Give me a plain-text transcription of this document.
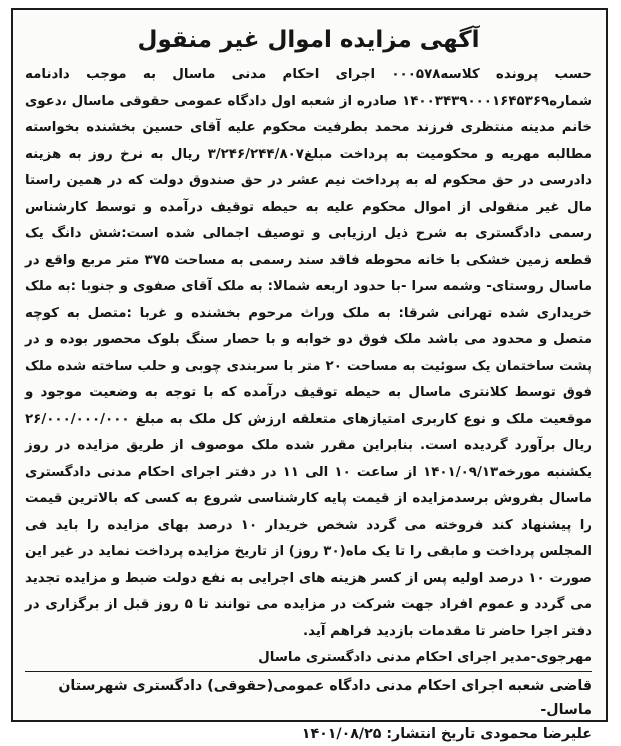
آگهی مزایده اموال غیر منقول

حسب پرونده کلاسه۰۰۰۵۷۸ اجرای احکام مدنی ماسال به موجب دادنامه شماره۱۴۰۰۳۴۳۹۰۰۰۱۶۴۵۳۶۹ صادره از شعبه اول دادگاه عمومی حقوقی ماسال ،دعوی خانم مدینه منتظری فرزند محمد بطرفیت محکوم علیه آقای حسین بخشنده بخواسته مطالبه مهریه و محکومیت به پرداخت مبلغ۳/۲۴۶/۲۴۴/۸۰۷ ریال به نرخ روز به هزینه دادرسی در حق محکوم له به پرداخت نیم عشر در حق صندوق دولت که در همین راستا مال غیر منقولی از اموال محکوم علیه به حیطه توقیف درآمده و توسط کارشناس رسمی دادگستری به شرح ذیل ارزیابی و توصیف اجمالی شده است:شش دانگ یک قطعه زمین خشکی با خانه محوطه فاقد سند رسمی به مساحت ۳۷۵ متر مربع واقع در ماسال روستای- وشمه سرا -با حدود اربعه شمالا: به ملک آقای صفوی و جنوبا :به ملک خریداری شده تهرانی شرقا: به ملک وراث مرحوم بخشنده و غربا :متصل به کوچه متصل و محدود می باشد ملک فوق دو خوابه و با حصار سنگ بلوک محصور بوده و در پشت ساختمان یک سوئیت به مساحت ۲۰ متر با سربندی چوبی و حلب ساخته شده ملک فوق توسط کلانتری ماسال به حیطه توقیف درآمده که با توجه به وضعیت موجود و موقعیت ملک و نوع کاربری امتیازهای متعلقه ارزش کل ملک به مبلغ ۲۶/۰۰۰/۰۰۰/۰۰۰ ریال برآورد گردیده است. بنابراین مقرر شده ملک موصوف از طریق مزایده در روز یکشنبه مورخه۱۴۰۱/۰۹/۱۳ از ساعت ۱۰ الی ۱۱ در دفتر اجرای احکام مدنی دادگستری ماسال بفروش برسدمزایده از قیمت پایه کارشناسی شروع به کسی که بالاترین قیمت را پیشنهاد کند فروخته می گردد شخص خریدار ۱۰ درصد بهای مزایده را باید فی المجلس پرداخت و مابقی را تا یک ماه(۳۰ روز) از تاریخ مزایده پرداخت نماید در غیر این صورت ۱۰ درصد اولیه پس از کسر هزینه های اجرایی به نفع دولت ضبط و مزایده تجدید می گردد و عموم افراد جهت شرکت در مزایده می توانند تا ۵ روز قبل از برگزاری در دفتر اجرا حاضر تا مقدمات بازدید فراهم آید.

مهرجوی-مدیر اجرای احکام مدنی دادگستری ماسال
قاضی شعبه اجرای احکام مدنی دادگاه عمومی(حقوقی) دادگستری شهرستان ماسال-
علیرضا محمودی تاریخ انتشار: ۱۴۰۱/۰۸/۲۵
